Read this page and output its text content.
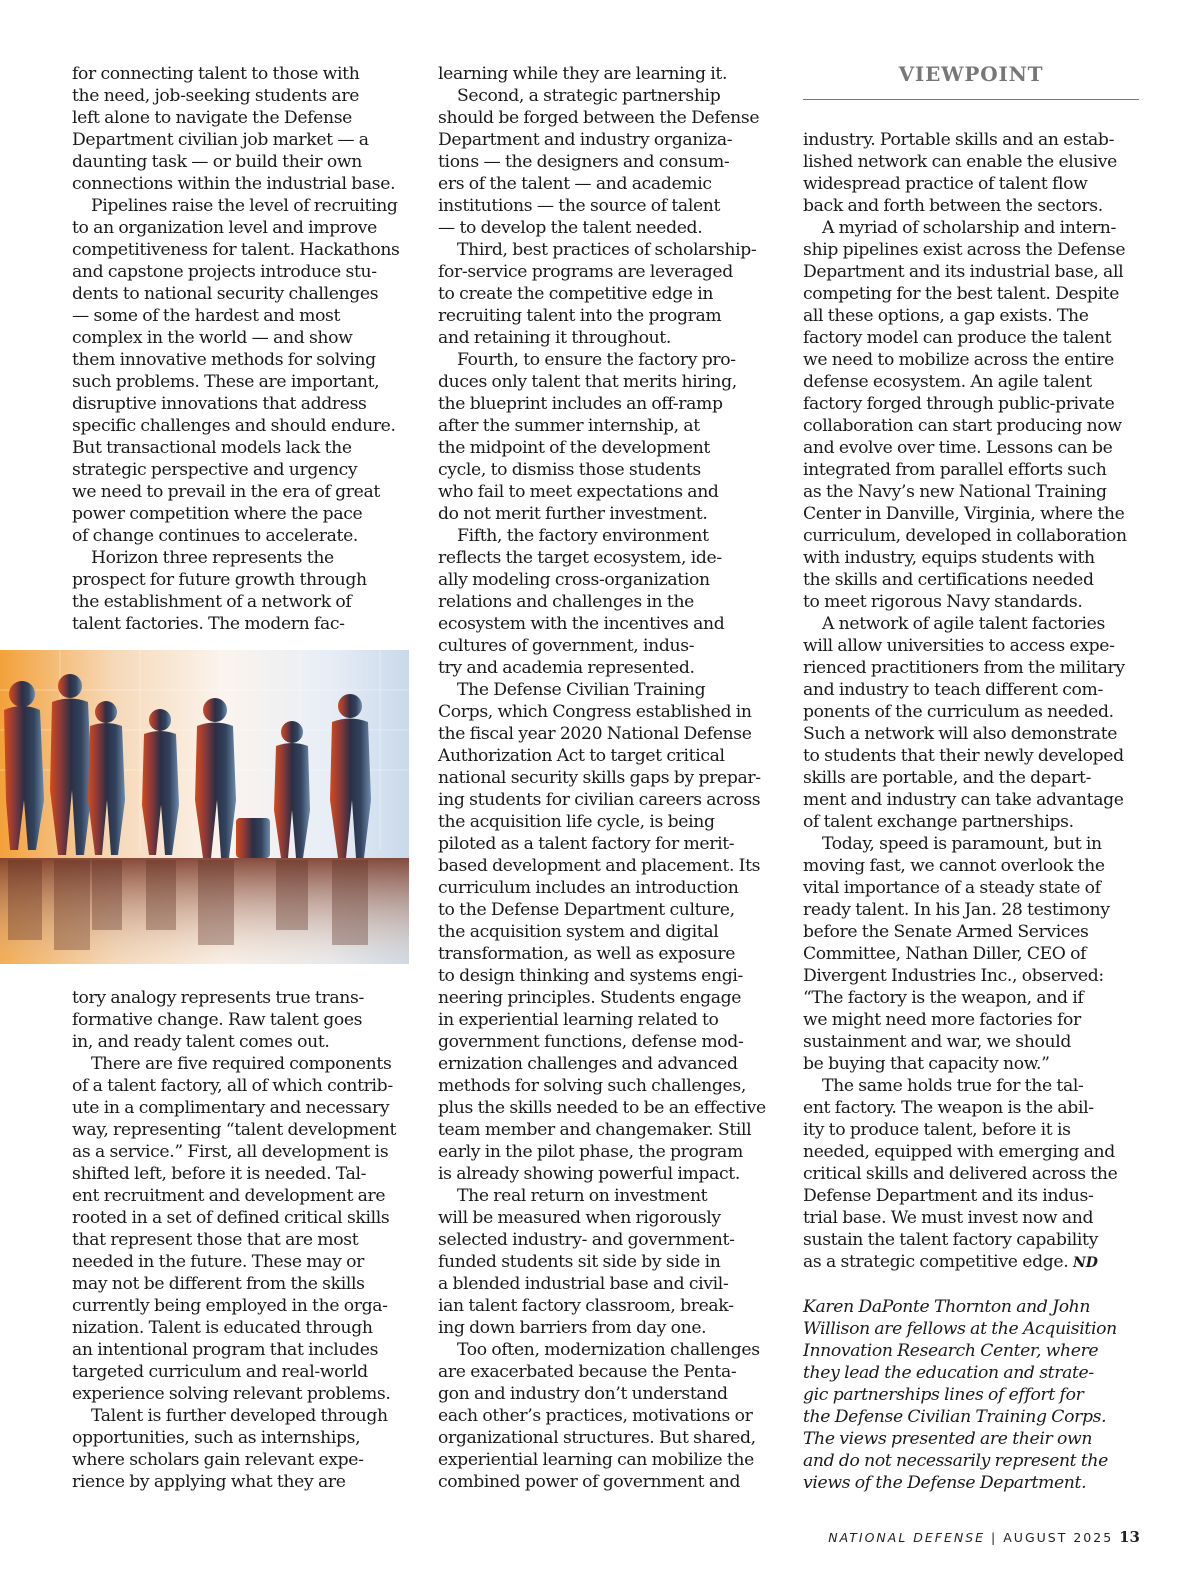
VIEWPOINT

for connecting talent to those with

the need, job-seeking students are

left alone to navigate the Defense

Department civilian job market — a

daunting task — or build their own

connections within the industrial base.

Pipelines raise the level of recruiting

to an organization level and improve

competitiveness for talent. Hackathons

and capstone projects introduce stu-

dents to national security challenges

— some of the hardest and most

complex in the world — and show

them innovative methods for solving

such problems. These are important,

disruptive innovations that address

specific challenges and should endure.

But transactional models lack the

strategic perspective and urgency

we need to prevail in the era of great

power competition where the pace

of change continues to accelerate.

Horizon three represents the

prospect for future growth through

the establishment of a network of

talent factories. The modern fac-

tory analogy represents true trans-

formative change. Raw talent goes

in, and ready talent comes out.

There are five required components

of a talent factory, all of which contrib-

ute in a complimentary and necessary

way, representing “talent development

as a service.” First, all development is

shifted left, before it is needed. Tal-

ent recruitment and development are

rooted in a set of defined critical skills

that represent those that are most

needed in the future. These may or

may not be different from the skills

currently being employed in the orga-

nization. Talent is educated through

an intentional program that includes

targeted curriculum and real-world

experience solving relevant problems.

Talent is further developed through

opportunities, such as internships,

where scholars gain relevant expe-

rience by applying what they are

learning while they are learning it.

Second, a strategic partnership

should be forged between the Defense

Department and industry organiza-

tions — the designers and consum-

ers of the talent — and academic

institutions — the source of talent

— to develop the talent needed.

Third, best practices of scholarship-

for-service programs are leveraged

to create the competitive edge in

recruiting talent into the program

and retaining it throughout.

Fourth, to ensure the factory pro-

duces only talent that merits hiring,

the blueprint includes an off-ramp

after the summer internship, at

the midpoint of the development

cycle, to dismiss those students

who fail to meet expectations and

do not merit further investment.

Fifth, the factory environment

reflects the target ecosystem, ide-

ally modeling cross-organization

relations and challenges in the

ecosystem with the incentives and

cultures of government, indus-

try and academia represented.

The Defense Civilian Training

Corps, which Congress established in

the fiscal year 2020 National Defense

Authorization Act to target critical

national security skills gaps by prepar-

ing students for civilian careers across

the acquisition life cycle, is being

piloted as a talent factory for merit-

based development and placement. Its

curriculum includes an introduction

to the Defense Department culture,

the acquisition system and digital

transformation, as well as exposure

to design thinking and systems engi-

neering principles. Students engage

in experiential learning related to

government functions, defense mod-

ernization challenges and advanced

methods for solving such challenges,

plus the skills needed to be an effective

team member and changemaker. Still

early in the pilot phase, the program

is already showing powerful impact.

The real return on investment

will be measured when rigorously

selected industry- and government-

funded students sit side by side in

a blended industrial base and civil-

ian talent factory classroom, break-

ing down barriers from day one.

Too often, modernization challenges

are exacerbated because the Penta-

gon and industry don’t understand

each other’s practices, motivations or

organizational structures. But shared,

experiential learning can mobilize the

combined power of government and

industry. Portable skills and an estab-

lished network can enable the elusive

widespread practice of talent flow

back and forth between the sectors.

A myriad of scholarship and intern-

ship pipelines exist across the Defense

Department and its industrial base, all

competing for the best talent. Despite

all these options, a gap exists. The

factory model can produce the talent

we need to mobilize across the entire

defense ecosystem. An agile talent

factory forged through public-private

collaboration can start producing now

and evolve over time. Lessons can be

integrated from parallel efforts such

as the Navy’s new National Training

Center in Danville, Virginia, where the

curriculum, developed in collaboration

with industry, equips students with

the skills and certifications needed

to meet rigorous Navy standards.

A network of agile talent factories

will allow universities to access expe-

rienced practitioners from the military

and industry to teach different com-

ponents of the curriculum as needed.

Such a network will also demonstrate

to students that their newly developed

skills are portable, and the depart-

ment and industry can take advantage

of talent exchange partnerships.

Today, speed is paramount, but in

moving fast, we cannot overlook the

vital importance of a steady state of

ready talent. In his Jan. 28 testimony

before the Senate Armed Services

Committee, Nathan Diller, CEO of

Divergent Industries Inc., observed:

“The factory is the weapon, and if

we might need more factories for

sustainment and war, we should

be buying that capacity now.”

The same holds true for the tal-

ent factory. The weapon is the abil-

ity to produce talent, before it is

needed, equipped with emerging and

critical skills and delivered across the

Defense Department and its indus-

trial base. We must invest now and

sustain the talent factory capability

as a strategic competitive edge. ND

Karen DaPonte Thornton and John

Willison are fellows at the Acquisition

Innovation Research Center, where

they lead the education and strate-

gic partnerships lines of effort for

the Defense Civilian Training Corps.

The views presented are their own

and do not necessarily represent the

views of the Defense Department.

NATIONAL DEFENSE | AUGUST 2025 13
